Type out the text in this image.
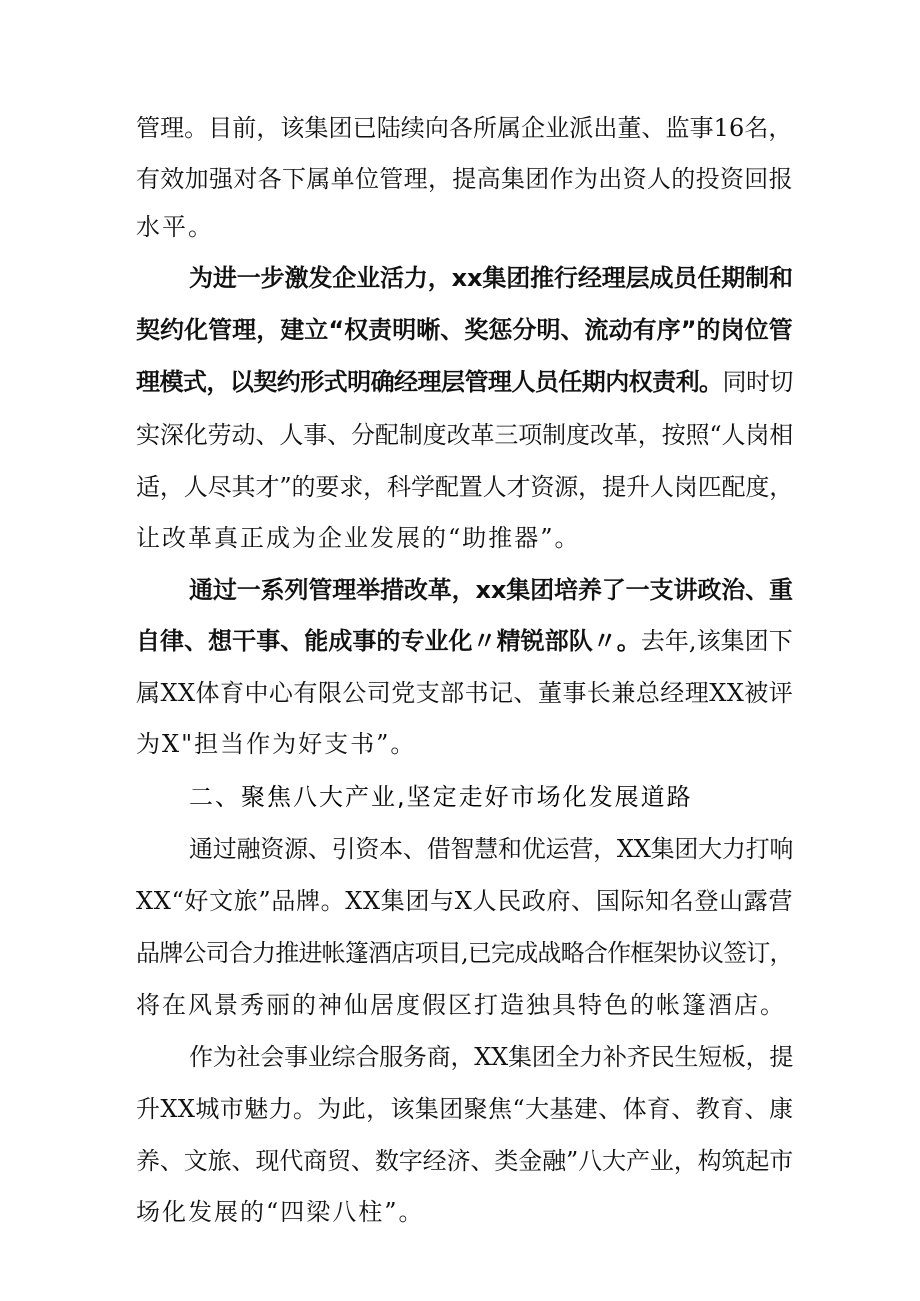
管理。目前，该集团已陆续向各所属企业派出董、监事16名，
有效加强对各下属单位管理，提高集团作为出资人的投资回报
水平。
为进一步激发企业活力，xx集团推行经理层成员任期制和
契约化管理，建立“权责明晰、奖惩分明、流动有序”的岗位管
理模式，以契约形式明确经理层管理人员任期内权责利。同时切
实深化劳动、人事、分配制度改革三项制度改革，按照“人岗相
适，人尽其才”的要求，科学配置人才资源，提升人岗匹配度，
让改革真正成为企业发展的“助推器”。
通过一系列管理举措改革，xx集团培养了一支讲政治、重
自律、想干事、能成事的专业化〃精锐部队〃。去年,该集团下
属XX体育中心有限公司党支部书记、董事长兼总经理XX被评
为X"担当作为好支书”。
二、聚焦八大产业,坚定走好市场化发展道路
通过融资源、引资本、借智慧和优运营，XX集团大力打响
XX“好文旅”品牌。XX集团与X人民政府、国际知名登山露营
品牌公司合力推进帐篷酒店项目,已完成战略合作框架协议签订，
将在风景秀丽的神仙居度假区打造独具特色的帐篷酒店。
作为社会事业综合服务商，XX集团全力补齐民生短板，提
升XX城市魅力。为此，该集团聚焦“大基建、体育、教育、康
养、文旅、现代商贸、数字经济、类金融”八大产业，构筑起市
场化发展的“四梁八柱”。
